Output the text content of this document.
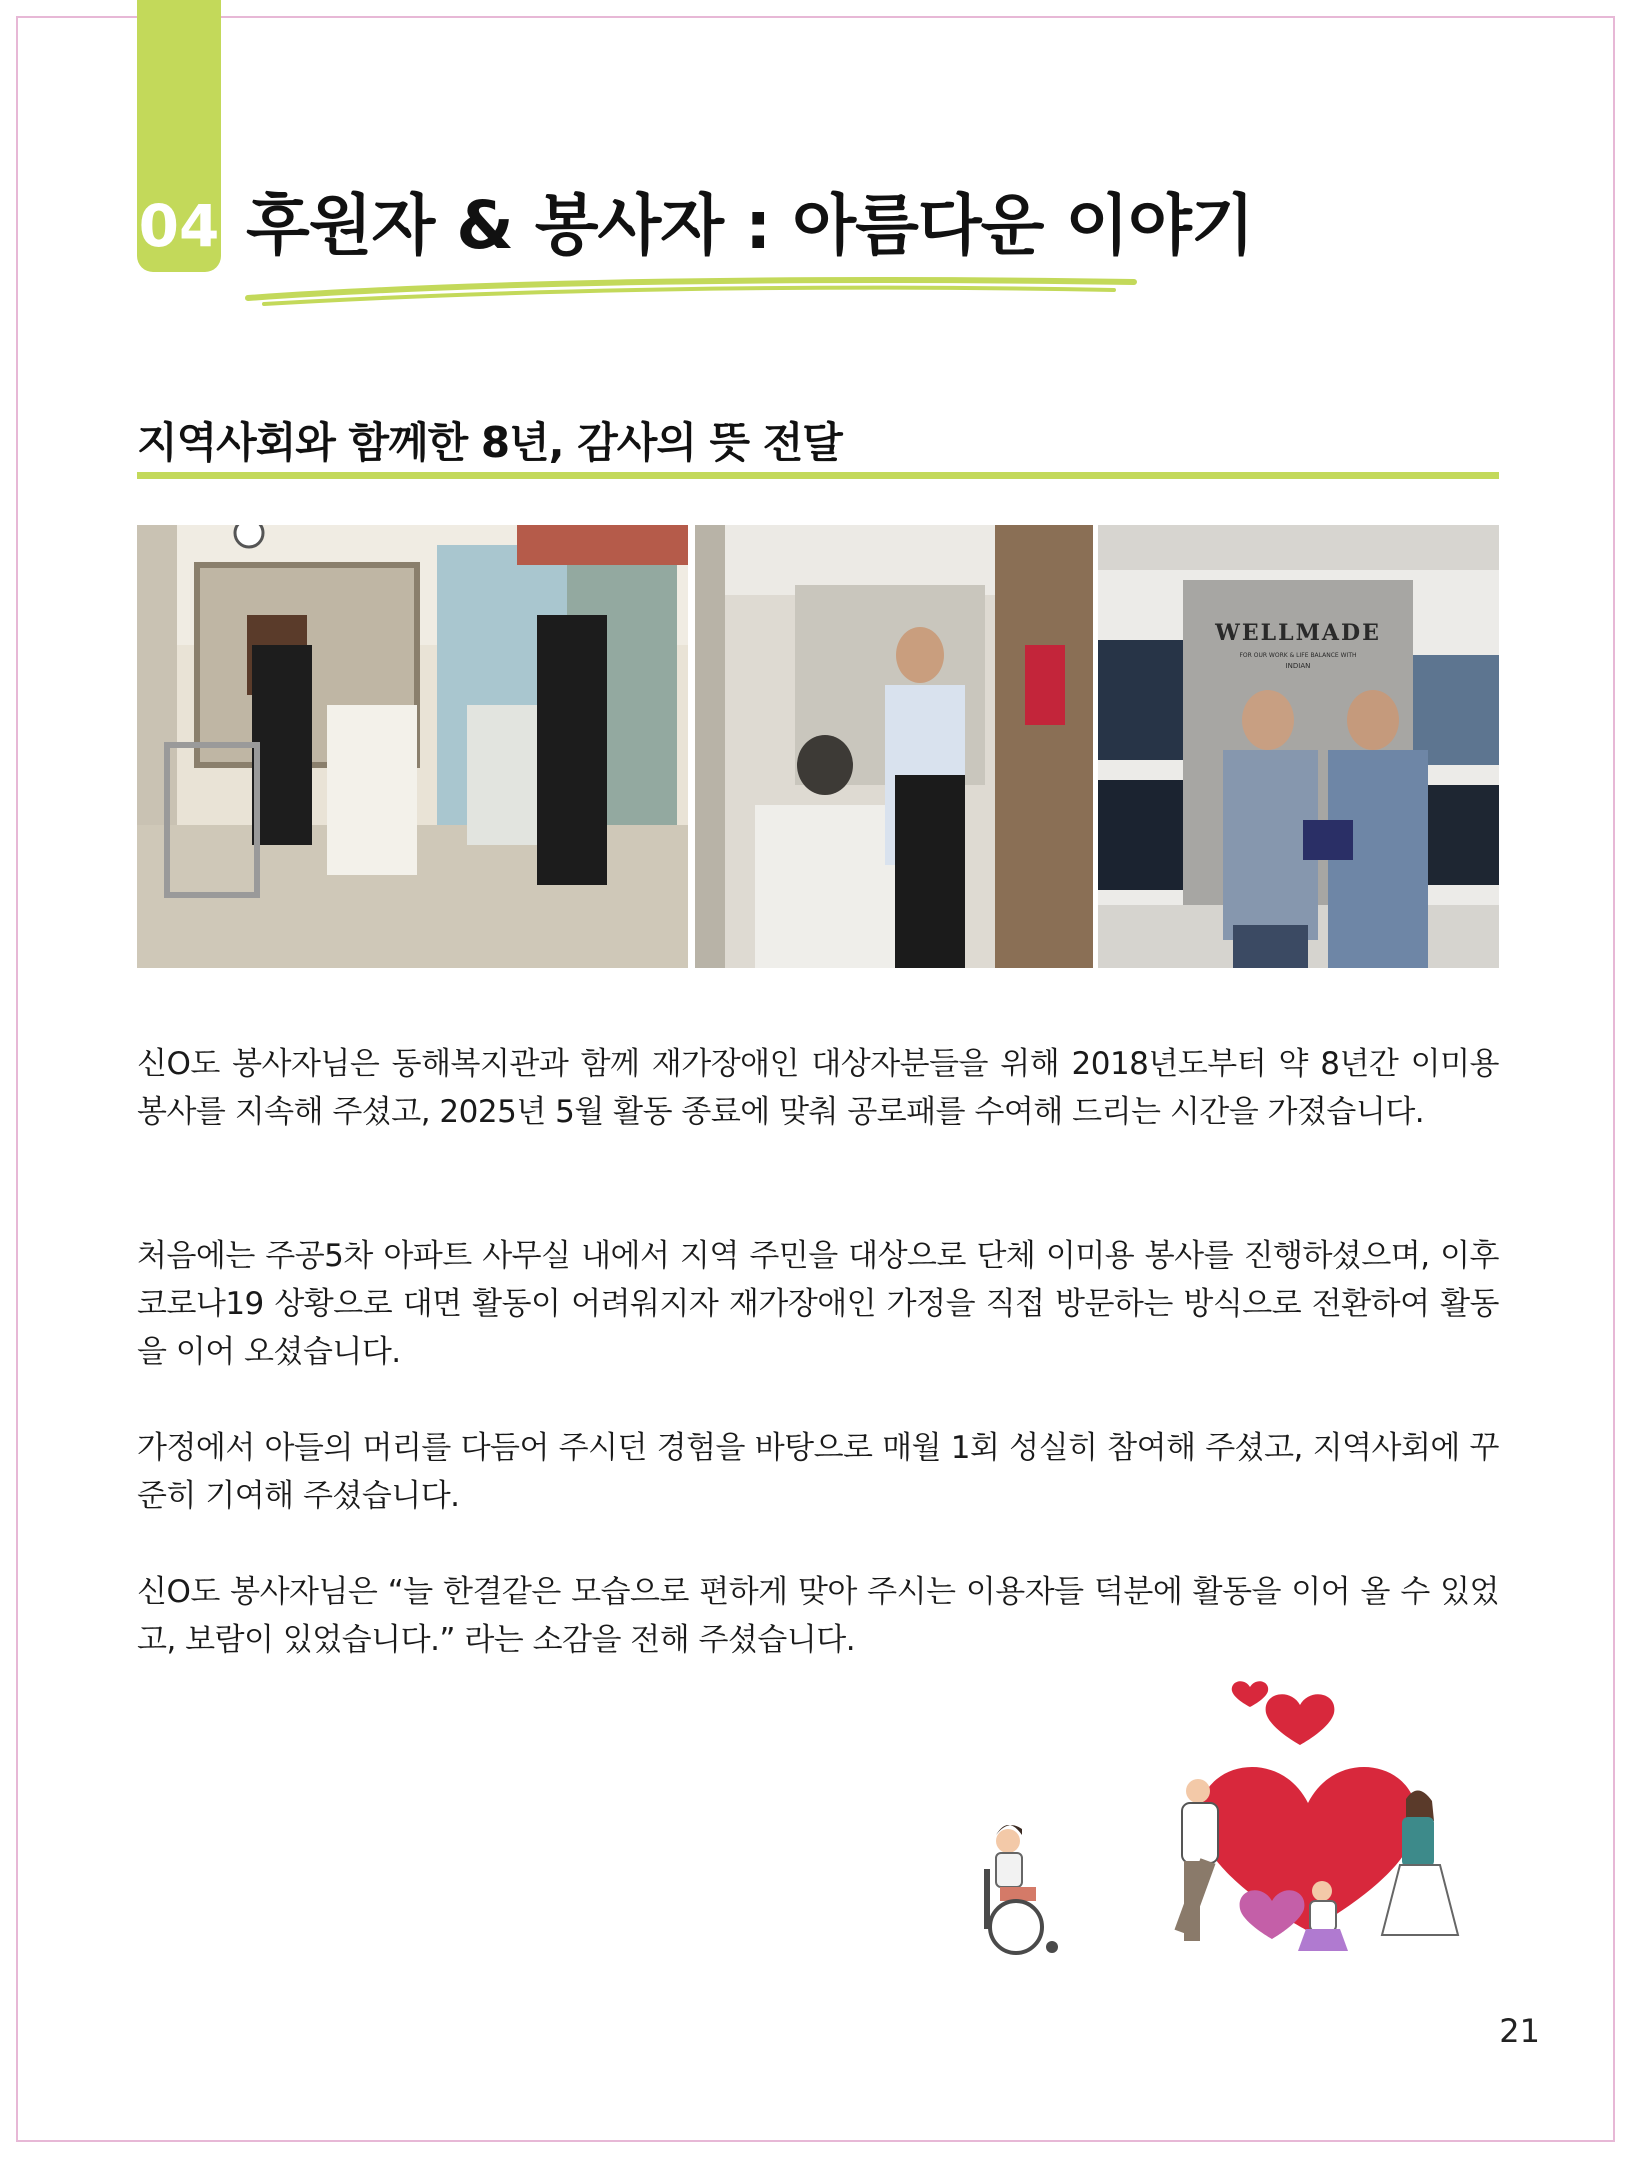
04 후원자 & 봉사자 : 아름다운 이야기
지역사회와 함께한 8년, 감사의 뜻 전달
WELLMADE
FOR OUR WORK & LIFE BALANCE WITH
INDIAN

신O도 봉사자님은 동해복지관과 함께 재가장애인 대상자분들을 위해 2018년도부터 약 8년간 이미용 봉사를 지속해 주셨고, 2025년 5월 활동 종료에 맞춰 공로패를 수여해 드리는 시간을 가졌습니다.

처음에는 주공5차 아파트 사무실 내에서 지역 주민을 대상으로 단체 이미용 봉사를 진행하셨으며, 이후 코로나19 상황으로 대면 활동이 어려워지자 재가장애인 가정을 직접 방문하는 방식으로 전환하여 활동을 이어 오셨습니다.

가정에서 아들의 머리를 다듬어 주시던 경험을 바탕으로 매월 1회 성실히 참여해 주셨고, 지역사회에 꾸준히 기여해 주셨습니다.

신O도 봉사자님은 “늘 한결같은 모습으로 편하게 맞아 주시는 이용자들 덕분에 활동을 이어 올 수 있었고, 보람이 있었습니다.” 라는 소감을 전해 주셨습니다.

21
